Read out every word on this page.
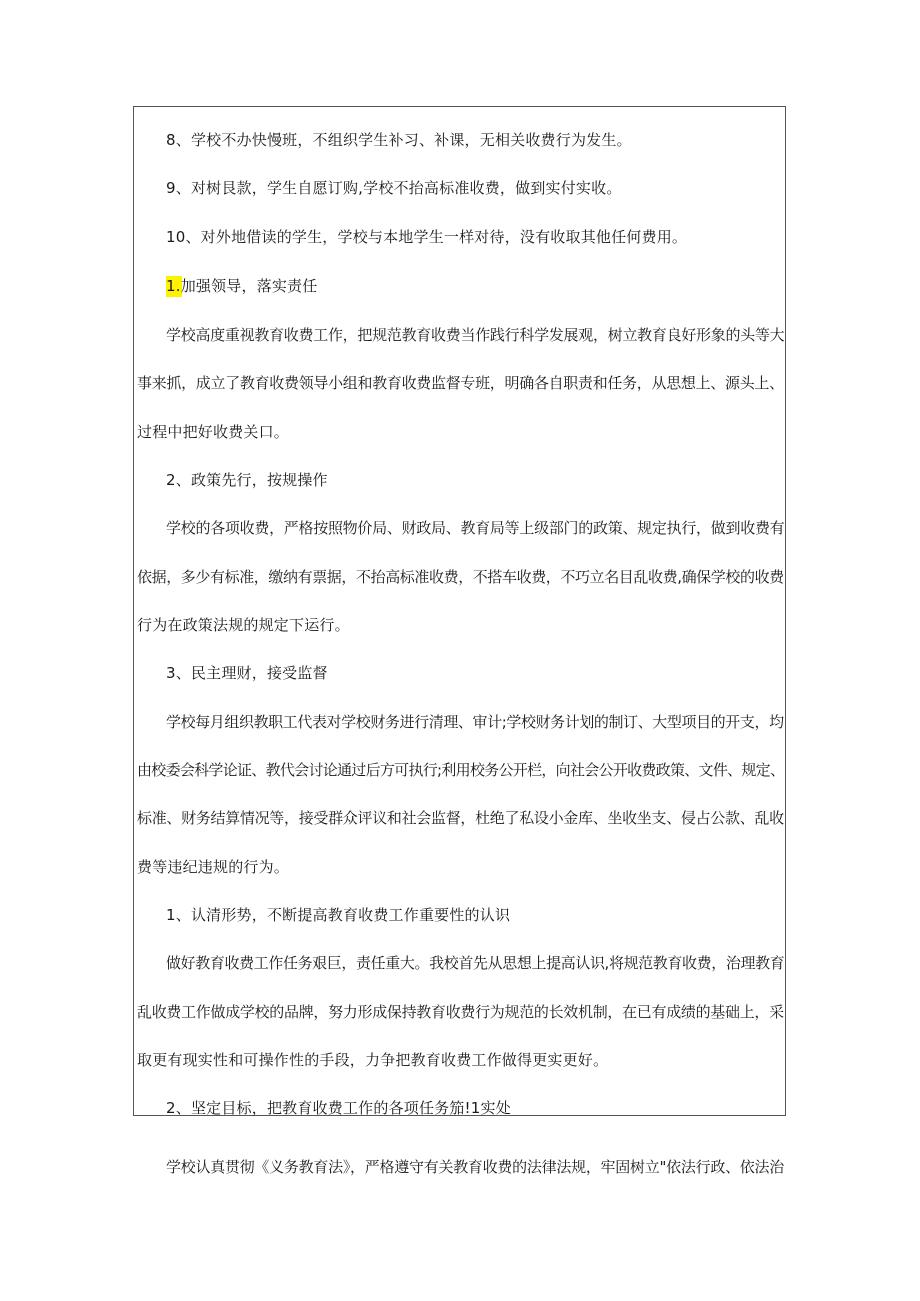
8、学校不办快慢班，不组织学生补习、补课，无相关收费行为发生。

9、对树艮款，学生自愿订购,学校不抬高标准收费，做到实付实收。

10、对外地借读的学生，学校与本地学生一样对待，没有收取其他任何费用。

1.加强领导，落实责任

学校高度重视教育收费工作，把规范教育收费当作践行科学发展观，树立教育良好形象的头等大

事来抓，成立了教育收费领导小组和教育收费监督专班，明确各自职责和任务，从思想上、源头上、

过程中把好收费关口。

2、政策先行，按规操作

学校的各项收费，严格按照物价局、财政局、教育局等上级部门的政策、规定执行，做到收费有

依据，多少有标准，缴纳有票据，不抬高标准收费，不搭车收费，不巧立名目乱收费,确保学校的收费

行为在政策法规的规定下运行。

3、民主理财，接受监督

学校每月组织教职工代表对学校财务进行清理、审计;学校财务计划的制订、大型项目的开支，均

由校委会科学论证、教代会讨论通过后方可执行;利用校务公开栏，向社会公开收费政策、文件、规定、

标准、财务结算情况等，接受群众评议和社会监督，杜绝了私设小金库、坐收坐支、侵占公款、乱收

费等违纪违规的行为。

1、认清形势，不断提高教育收费工作重要性的认识

做好教育收费工作任务艰巨，责任重大。我校首先从思想上提高认识,将规范教育收费，治理教育

乱收费工作做成学校的品牌，努力形成保持教育收费行为规范的长效机制，在已有成绩的基础上，采

取更有现实性和可操作性的手段，力争把教育收费工作做得更实更好。

2、坚定目标，把教育收费工作的各项任务笳!1实处

学校认真贯彻《义务教育法》，严格遵守有关教育收费的法律法规，牢固树立"依法行政、依法治
